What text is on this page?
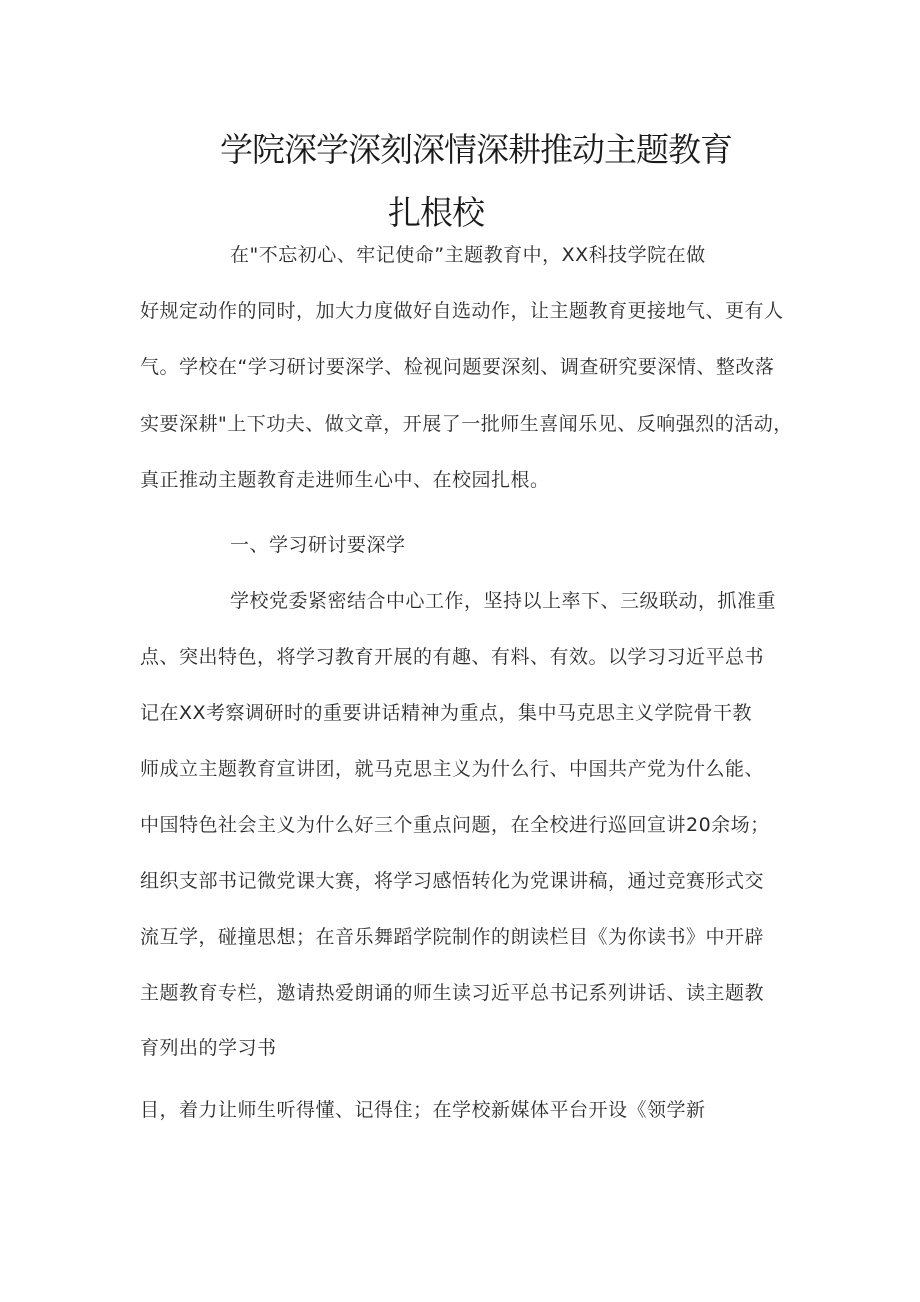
学院深学深刻深情深耕推动主题教育
扎根校
在"不忘初心、牢记使命”主题教育中，XX科技学院在做
好规定动作的同时，加大力度做好自选动作，让主题教育更接地气、更有人
气。学校在“学习研讨要深学、检视问题要深刻、调查研究要深情、整改落
实要深耕"上下功夫、做文章，开展了一批师生喜闻乐见、反响强烈的活动，
真正推动主题教育走进师生心中、在校园扎根。
一、学习研讨要深学
学校党委紧密结合中心工作，坚持以上率下、三级联动，抓准重
点、突出特色，将学习教育开展的有趣、有料、有效。以学习习近平总书
记在XX考察调研时的重要讲话精神为重点，集中马克思主义学院骨干教
师成立主题教育宣讲团，就马克思主义为什么行、中国共产党为什么能、
中国特色社会主义为什么好三个重点问题，在全校进行巡回宣讲20余场；
组织支部书记微党课大赛，将学习感悟转化为党课讲稿，通过竞赛形式交
流互学，碰撞思想；在音乐舞蹈学院制作的朗读栏目《为你读书》中开辟
主题教育专栏，邀请热爱朗诵的师生读习近平总书记系列讲话、读主题教
育列出的学习书
目，着力让师生听得懂、记得住；在学校新媒体平台开设《领学新
